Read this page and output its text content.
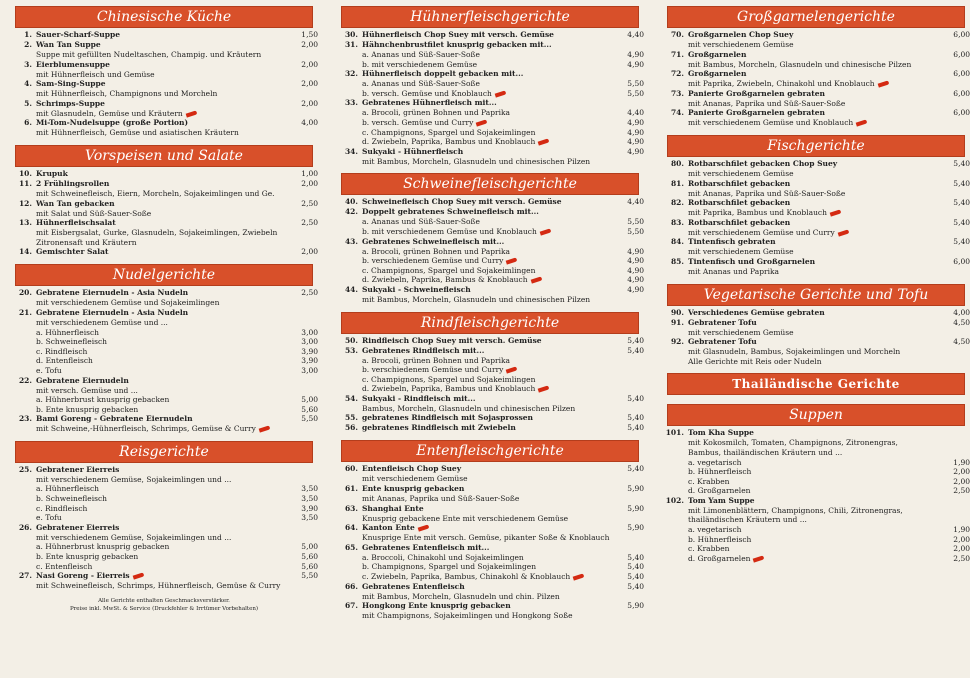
Chinesische Küche
1. Sauer-Scharf-Suppe	1,50
2. Wan Tan Suppe	2,00
Suppe mit gefüllten Nudeltaschen, Champig. und Kräutern
3. Eierblumensuppe	2,00
mit Hühnerfleisch und Gemüse
4. Sam-Sing-Suppe	2,00
mit Hühnerfleisch, Champignons und Morcheln
5. Schrimps-Suppe	2,00
mit Glasnudeln, Gemüse und Kräutern
6. Mi-Tom-Nudelsuppe (große Portion)	4,00
mit Hühnerfleisch, Gemüse und asiatischen Kräutern
Vorspeisen und Salate
10. Krupuk	1,00
11. 2 Frühlingsrollen	2,00
mit Schweinefleisch, Eiern, Morcheln, Sojakeimlingen und Ge.
12. Wan Tan gebacken	2,50
mit Salat und Süß-Sauer-Soße
13. Hühnerfleischsalat	2,50
mit Eisbergsalat, Gurke, Glasnudeln, Sojakeimlingen, Zwiebeln
Zitronensaft und Kräutern
14. Gemischter Salat	2,00
Nudelgerichte
20. Gebratene Eiernudeln - Asia Nudeln	2,50
mit verschiedenem Gemüse und Sojakeimlingen
21. Gebratene Eiernudeln - Asia Nudeln
mit verschiedenem Gemüse und ...
a. Hühnerfleisch	3,00
b. Schweinefleisch	3,00
c. Rindfleisch	3,90
d. Entenfleisch	3,90
e. Tofu	3,00
22. Gebratene Eiernudeln
mit versch. Gemüse und ...
a. Hühnerbrust knusprig gebacken	5,00
b. Ente knusprig gebacken	5,60
23. Bami Goreng - Gebratene Eiernudeln	5,50
mit Schweine,-Hühnerfleisch, Schrimps, Gemüse & Curry
Reisgerichte
25. Gebratener Eierreis
mit verschiedenem Gemüse, Sojakeimlingen und ...
a. Hühnerfleisch	3,50
b. Schweinefleisch	3,50
c. Rindfleisch	3,90
e. Tofu	3,50
26. Gebratener Eierreis
mit verschiedenem Gemüse, Sojakeimlingen und ...
a. Hühnerbrust knusprig gebacken	5,00
b. Ente knusprig gebacken	5,60
c. Entenfleisch	5,60
27. Nasi Goreng - Eierreis	5,50
mit Schweinefleisch, Schrimps, Hühnerfleisch, Gemüse & Curry
Alle Gerichte enthalten Geschmacksverstärker.
Preise inkl. MwSt. & Service (Druckfehler & Irrtümer Vorbehalten)
Hühnerfleischgerichte
30. Hühnerfleisch Chop Suey mit versch. Gemüse	4,40
31. Hähnchenbrustfilet knusprig gebacken mit...
a. Ananas und Süß-Sauer-Soße	4,90
b. mit verschiedenem Gemüse	4,90
32. Hühnerfleisch doppelt gebacken mit...
a. Ananas und Süß-Sauer-Soße	5,50
b. versch. Gemüse und Knoblauch	5,50
33. Gebratenes Hühnerfleisch mit...
a. Brocoli, grünen Bohnen und Paprika	4,40
b. versch. Gemüse und Curry	4,90
c. Champignons, Spargel und Sojakeimlingen	4,90
d. Zwiebeln, Paprika, Bambus und Knoblauch	4,90
34. Sukyaki - Hühnerfleisch	4,90
mit Bambus, Morcheln, Glasnudeln und chinesischen Pilzen
Schweinefleischgerichte
40. Schweinefleisch Chop Suey mit versch. Gemüse	4,40
42. Doppelt gebratenes Schweinefleisch mit...
a. Ananas und Süß-Sauer-Soße	5,50
b. mit verschiedenem Gemüse und Knoblauch	5,50
43. Gebratenes Schweinefleisch mit...
a. Brocoli, grünen Bohnen und Paprika	4,90
b. verschiedenem Gemüse und Curry	4,90
c. Champignons, Spargel und Sojakeimlingen	4,90
d. Zwiebeln, Paprika, Bambus & Knoblauch	4,90
44. Sukyaki - Schweinefleisch	4,90
mit Bambus, Morcheln, Glasnudeln und chinesischen Pilzen
Rindfleischgerichte
50. Rindfleisch Chop Suey mit versch. Gemüse	5,40
53. Gebratenes Rindfleisch mit...	5,40
a. Brocoli, grünen Bohnen und Paprika
b. verschiedenem Gemüse und Curry
c. Champignons, Spargel und Sojakeimlingen
d. Zwiebeln, Paprika, Bambus und Knoblauch
54. Sukyaki - Rindfleisch mit...	5,40
Bambus, Morcheln, Glasnudeln und chinesischen Pilzen
55. gebratenes Rindfleisch mit Sojasprossen	5,40
56. gebratenes Rindfleisch mit Zwiebeln	5,40
Entenfleischgerichte
60. Entenfleisch Chop Suey	5,40
mit verschiedenem Gemüse
61. Ente knusprig gebacken	5,90
mit Ananas, Paprika und Süß-Sauer-Soße
63. Shanghai Ente	5,90
Knusprig gebackene Ente mit verschiedenem Gemüse
64. Kanton Ente	5,90
Knusprige Ente mit versch. Gemüse, pikanter Soße & Knoblauch
65. Gebratenes Entenfleisch mit...
a. Broccoli, Chinakohl und Sojakeimlingen	5,40
b. Champignons, Spargel und Sojakeimlingen	5,40
c. Zwiebeln, Paprika, Bambus, Chinakohl & Knoblauch	5,40
66. Gebratenes Entenfleisch	5,40
mit Bambus, Morcheln, Glasnudeln und chin. Pilzen
67. Hongkong Ente knusprig gebacken	5,90
mit Champignons, Sojakeimlingen und Hongkong Soße
Großgarnelengerichte
70. Großgarnelen Chop Suey	6,00
mit verschiedenem Gemüse
71. Großgarnelen	6,00
mit Bambus, Morcheln, Glasnudeln und chinesische Pilzen
72. Großgarnelen	6,00
mit Paprika, Zwiebeln, Chinakohl und Knoblauch
73. Panierte Großgarnelen gebraten	6,00
mit Ananas, Paprika und Süß-Sauer-Soße
74. Panierte Großgarnelen gebraten	6,00
mit verschiedenem Gemüse und Knoblauch
Fischgerichte
80. Rotbarschfilet gebacken Chop Suey	5,40
mit verschiedenem Gemüse
81. Rotbarschfilet gebacken	5,40
mit Ananas, Paprika und Süß-Sauer-Soße
82. Rotbarschfilet gebacken	5,40
mit Paprika, Bambus und Knoblauch
83. Rotbarschfilet gebacken	5,40
mit verschiedenem Gemüse und Curry
84. Tintenfisch gebraten	5,40
mit verschiedenem Gemüse
85. Tintenfisch und Großgarnelen	6,00
mit Ananas und Paprika
Vegetarische Gerichte und Tofu
90. Verschiedenes Gemüse gebraten	4,00
91. Gebratener Tofu	4,50
mit verschiedenem Gemüse
92. Gebratener Tofu	4,50
mit Glasnudeln, Bambus, Sojakeimlingen und Morcheln
Alle Gerichte mit Reis oder Nudeln
Thailändische Gerichte
Suppen
101. Tom Kha Suppe
mit Kokosmilch, Tomaten, Champignons, Zitronengras,
Bambus, thailändischen Kräutern und ...
a. vegetarisch	1,90
b. Hühnerfleisch	2,00
c. Krabben	2,00
d. Großgarnelen	2,50
102. Tom Yam Suppe
mit Limonenblättern, Champignons, Chili, Zitronengras,
thailändischen Kräutern und ...
a. vegetarisch	1,90
b. Hühnerfleisch	2,00
c. Krabben	2,00
d. Großgarnelen	2,50
